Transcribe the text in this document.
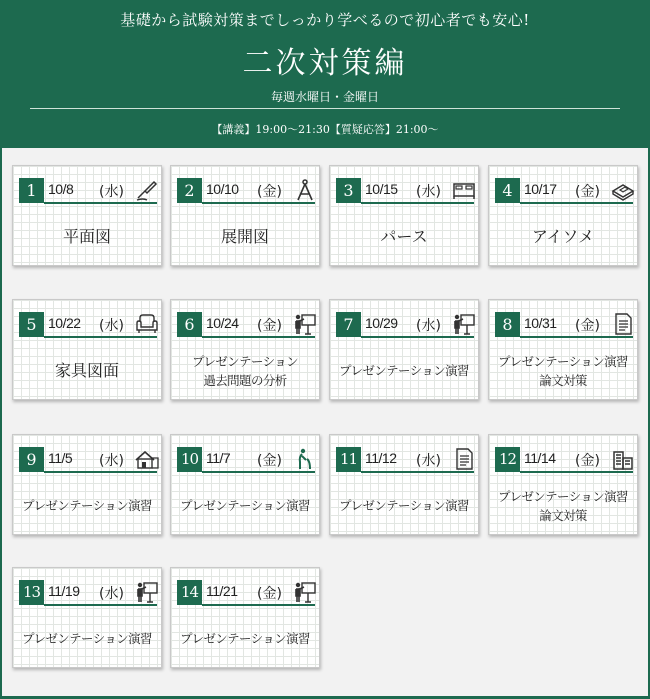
基礎から試験対策までしっかり学べるので初心者でも安心!
二次対策編
毎週水曜日・金曜日
【講義】19:00～21:30【質疑応答】21:00～
1 10/8 (水)
平面図
2 10/10 (金)
展開図
3 10/15 (水)
パース
4 10/17 (金)
アイソメ
5 10/22 (水)
家具図面
6 10/24 (金)
プレゼンテーション
過去問題の分析
7 10/29 (水)
プレゼンテーション演習
8 10/31 (金)
プレゼンテーション演習
論文対策
9 11/5 (水)
プレゼンテーション演習
10 11/7 (金)
プレゼンテーション演習
11 11/12 (水)
プレゼンテーション演習
12 11/14 (金)
プレゼンテーション演習
論文対策
13 11/19 (水)
プレゼンテーション演習
14 11/21 (金)
プレゼンテーション演習
